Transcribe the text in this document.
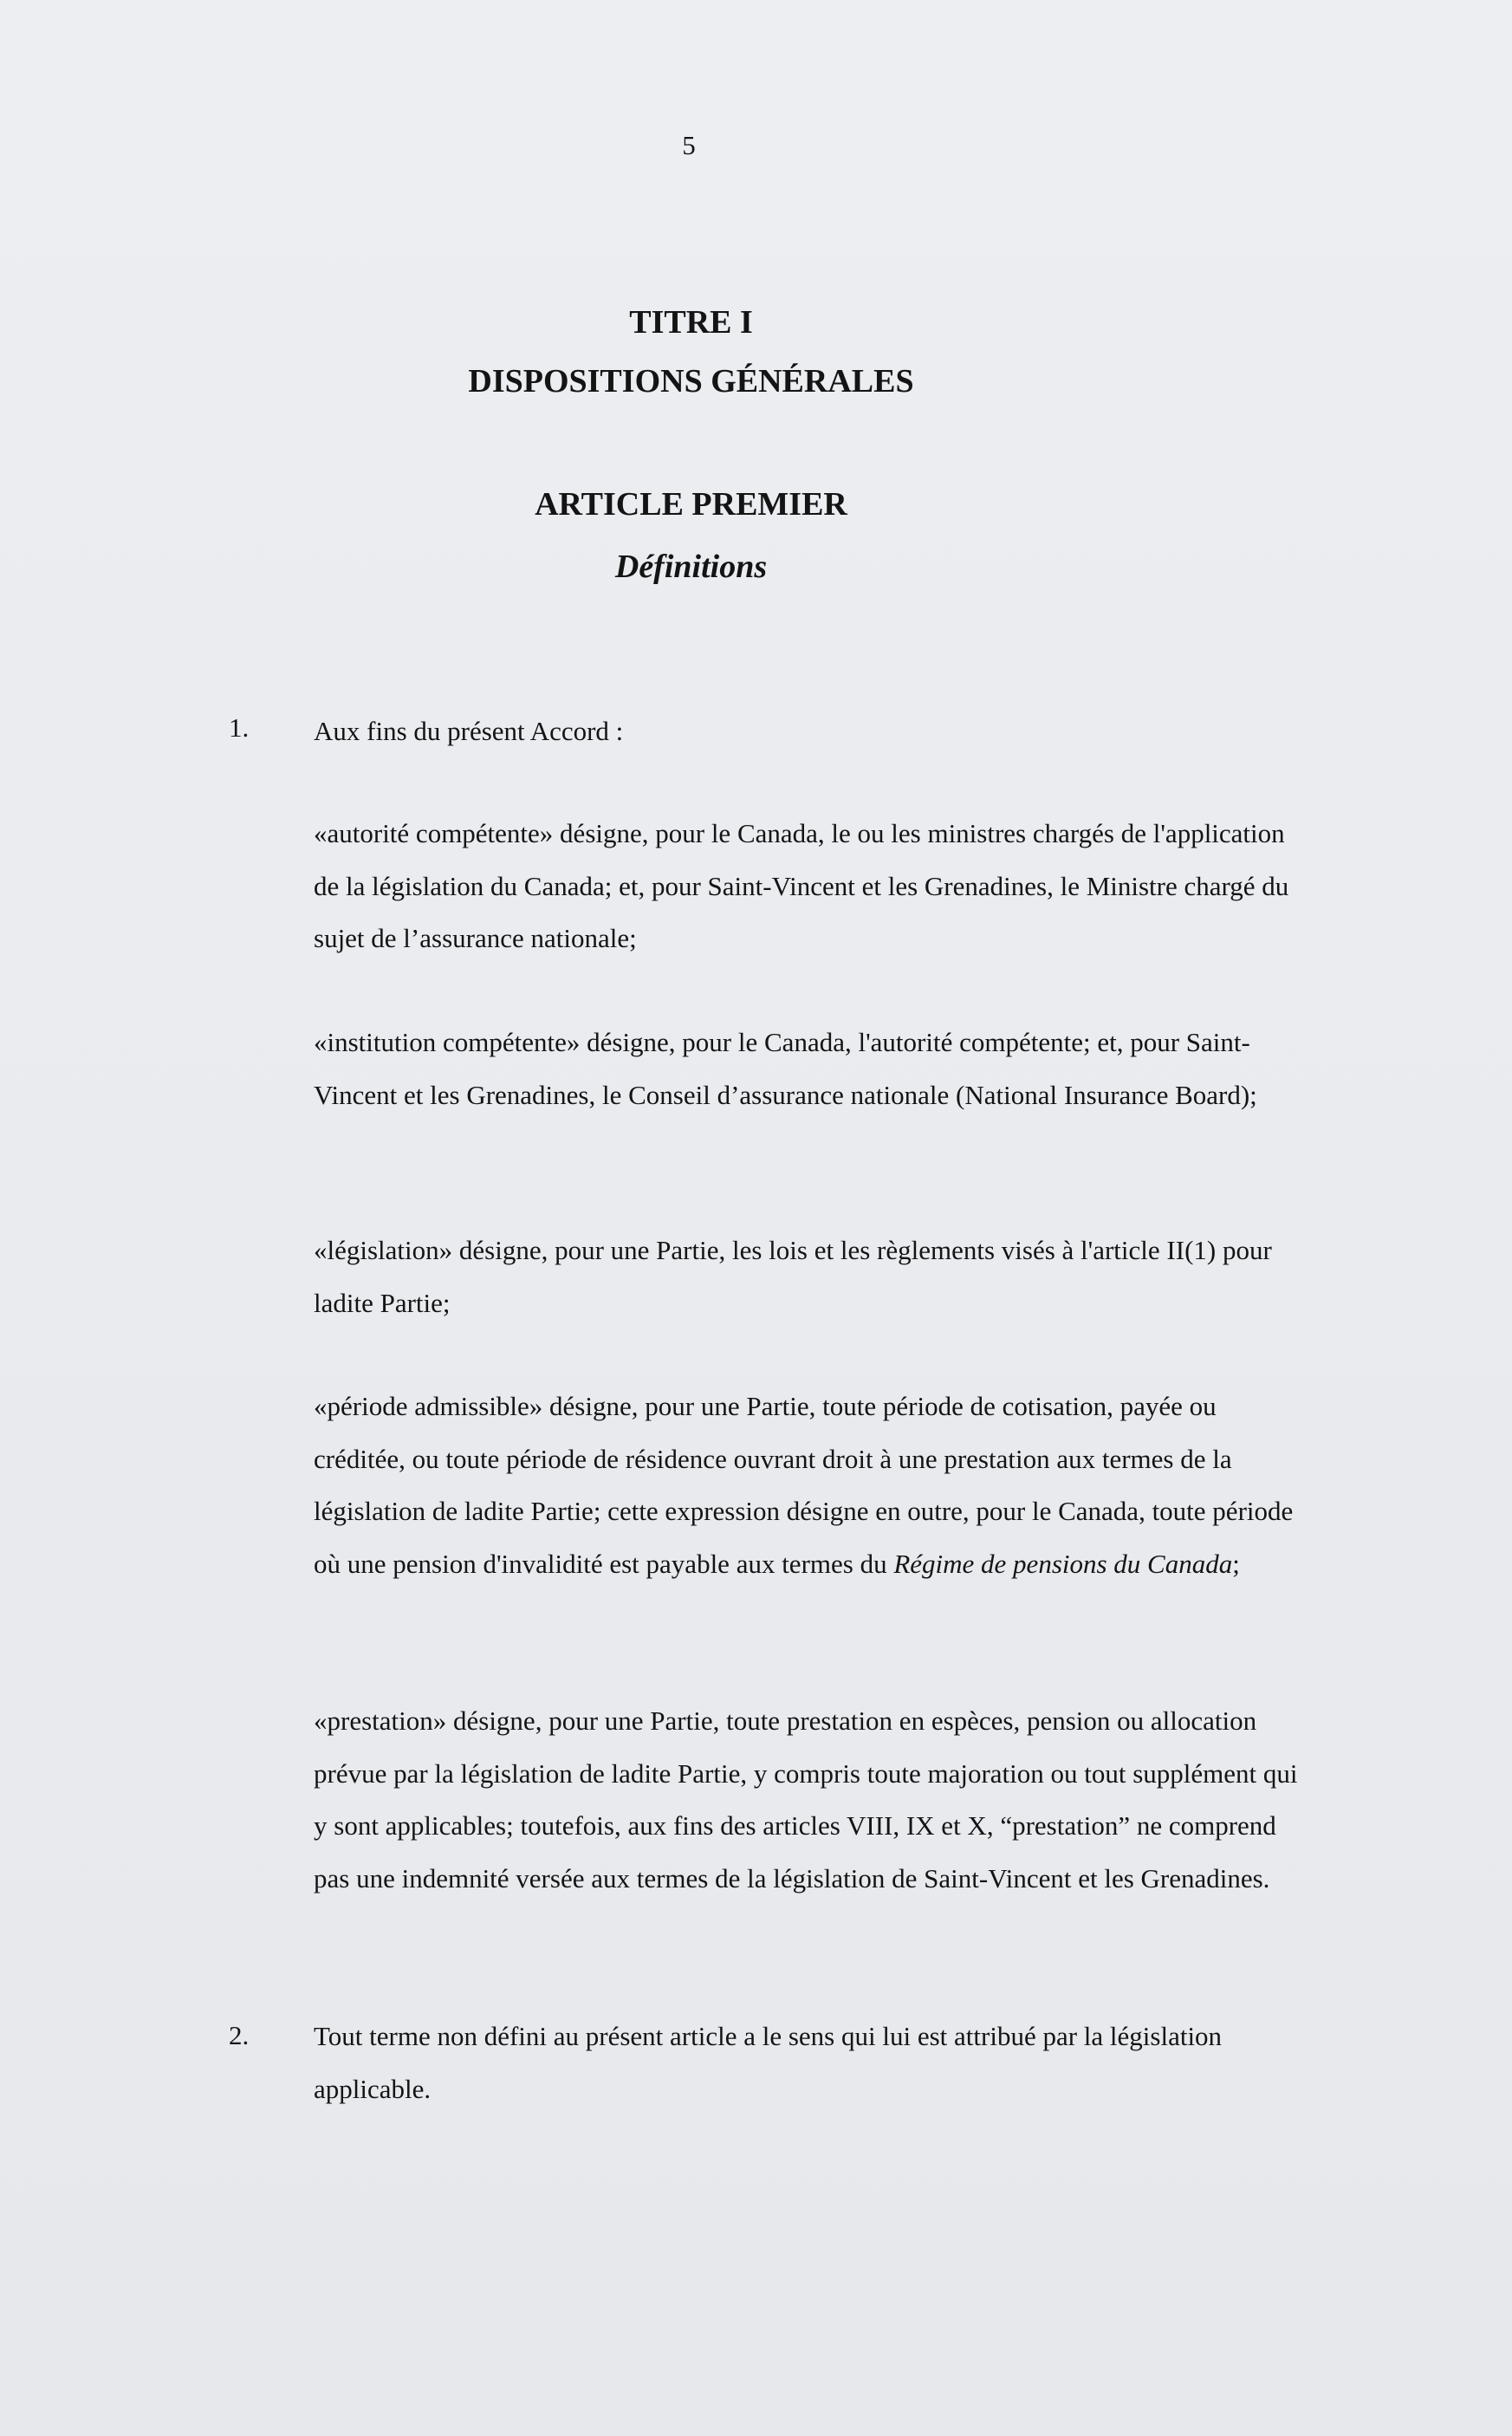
5
TITRE I
DISPOSITIONS GÉNÉRALES
ARTICLE PREMIER
Définitions
1. Aux fins du présent Accord :

«autorité compétente» désigne, pour le Canada, le ou les ministres chargés de l'application de la législation du Canada; et, pour Saint-Vincent et les Grenadines, le Ministre chargé du sujet de l’assurance nationale;

«institution compétente» désigne, pour le Canada, l'autorité compétente; et, pour Saint-Vincent et les Grenadines, le Conseil d’assurance nationale (National Insurance Board);

«législation» désigne, pour une Partie, les lois et les règlements visés à l'article II(1) pour ladite Partie;

«période admissible» désigne, pour une Partie, toute période de cotisation, payée ou créditée, ou toute période de résidence ouvrant droit à une prestation aux termes de la législation de ladite Partie; cette expression désigne en outre, pour le Canada, toute période où une pension d'invalidité est payable aux termes du Régime de pensions du Canada;

«prestation» désigne, pour une Partie, toute prestation en espèces, pension ou allocation prévue par la législation de ladite Partie, y compris toute majoration ou tout supplément qui y sont applicables; toutefois, aux fins des articles VIII, IX et X, “prestation” ne comprend pas une indemnité versée aux termes de la législation de Saint-Vincent et les Grenadines.

2. Tout terme non défini au présent article a le sens qui lui est attribué par la législation applicable.
